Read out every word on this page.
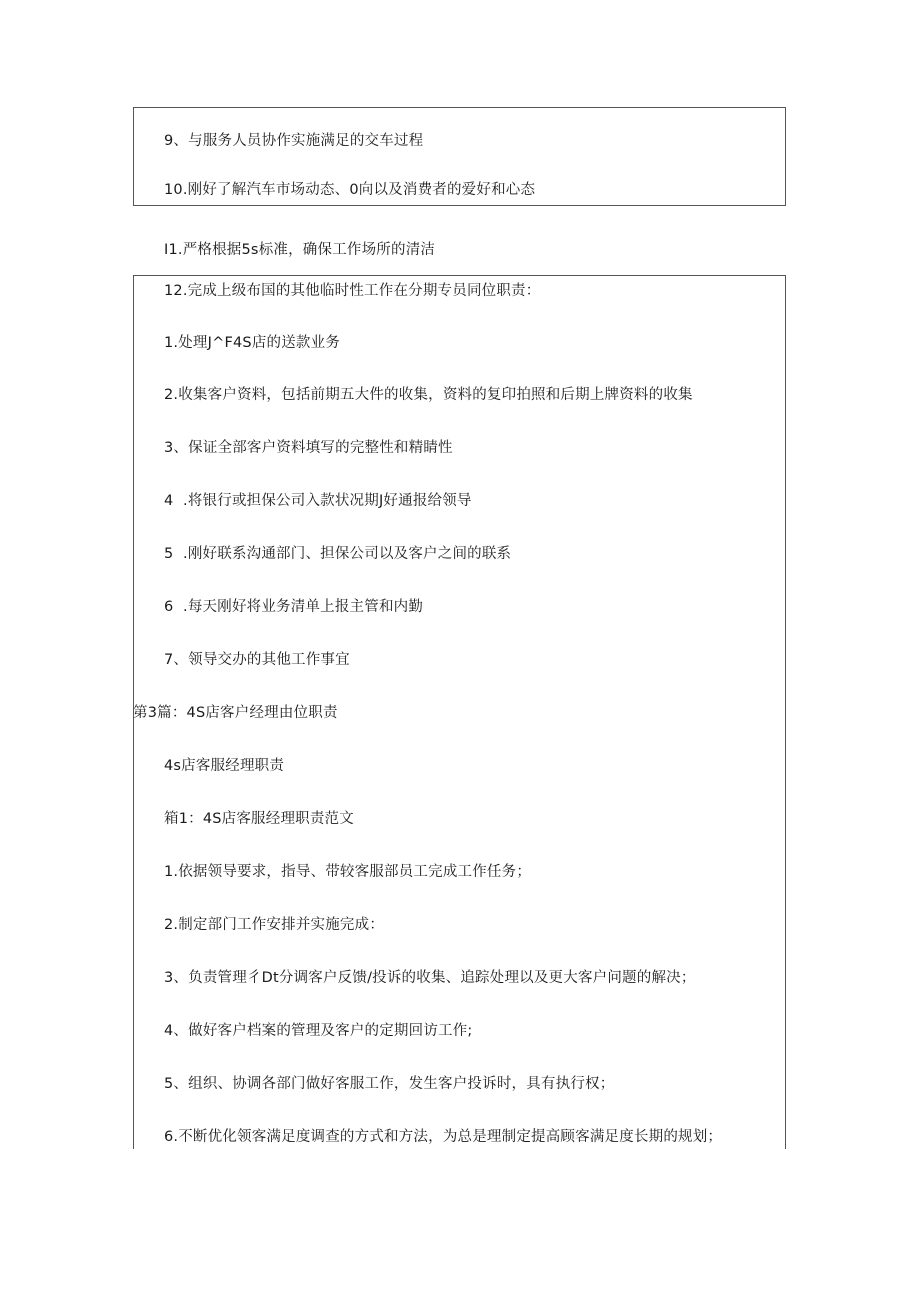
9、与服务人员协作实施满足的交车过程
10.刚好了解汽车市场动态、0向以及消费者的爱好和心态
I1.严格根据5s标准，确保工作场所的清洁
12.完成上级布国的其他临时性工作在分期专员同位职责：
1.处理J^F4S店的送款业务
2.收集客户资料，包括前期五大件的收集，资料的复印拍照和后期上牌资料的收集
3、保证全部客户资料填写的完整性和精睛性
4  .将银行或担保公司入款状况期J好通报给领导
5  .刚好联系沟通部门、担保公司以及客户之间的联系
6  .每天刚好将业务清单上报主管和内勤
7、领导交办的其他工作事宜
第3篇：4S店客户经理由位职责
4s店客服经理职责
箱1：4S店客服经理职责范文
1.依据领导要求，指导、带较客服部员工完成工作任务；
2.制定部门工作安排并实施完成：
3、负责管理彳Dt分调客户反馈/投诉的收集、追踪处理以及更大客户问题的解决；
4、做好客户档案的管理及客户的定期回访工作;
5、组织、协调各部门做好客服工作，发生客户投诉时，具有执行权；
6.不断优化领客满足度调查的方式和方法，为总是理制定提高顾客满足度长期的规划；
